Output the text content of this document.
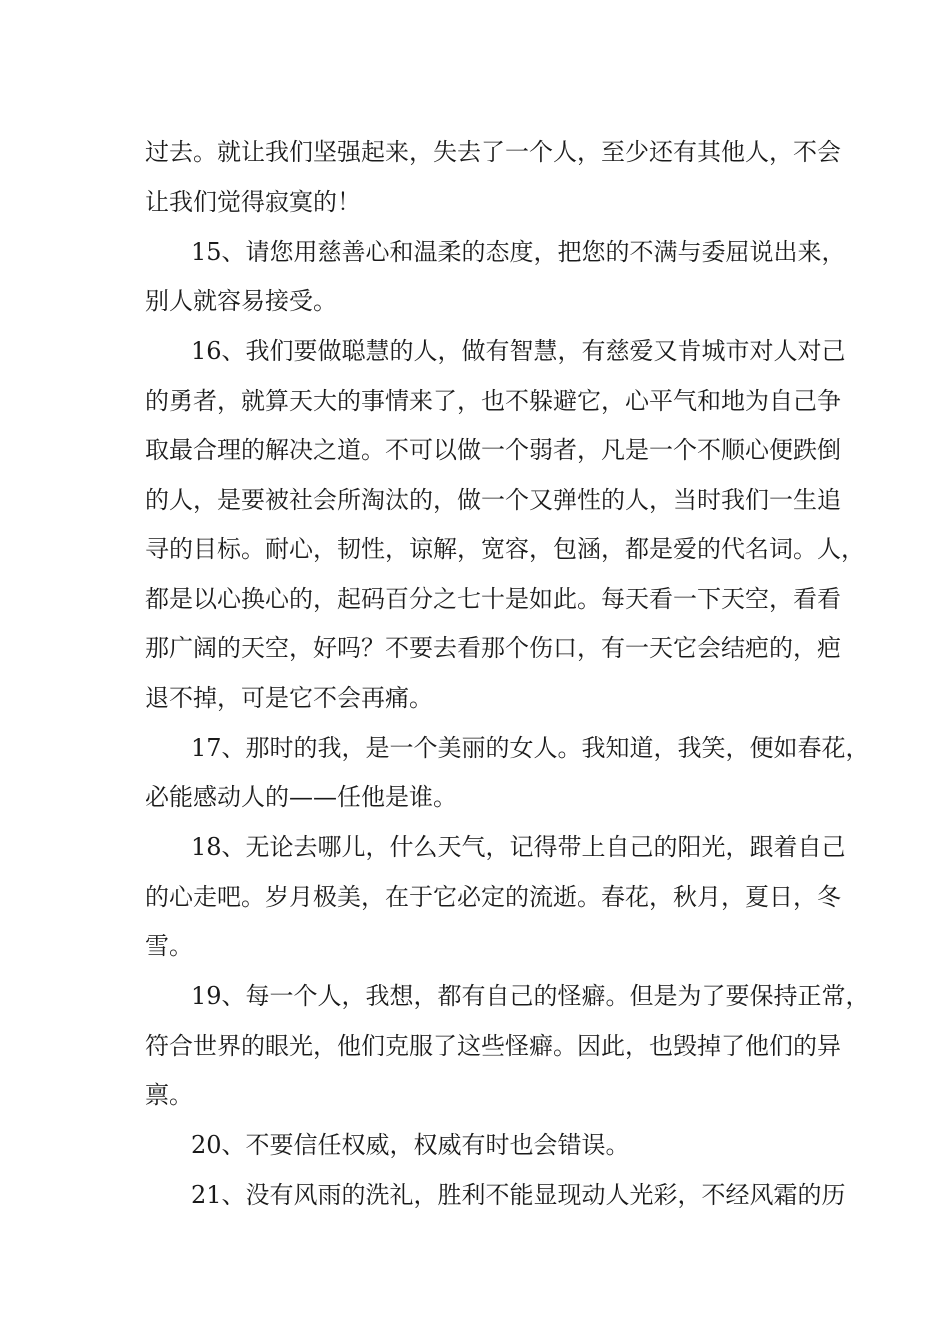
过去。就让我们坚强起来，失去了一个人，至少还有其他人，不会
让我们觉得寂寞的！
15、请您用慈善心和温柔的态度，把您的不满与委屈说出来，
别人就容易接受。
16、我们要做聪慧的人，做有智慧，有慈爱又肯城市对人对己
的勇者，就算天大的事情来了，也不躲避它，心平气和地为自己争
取最合理的解决之道。不可以做一个弱者，凡是一个不顺心便跌倒
的人，是要被社会所淘汰的，做一个又弹性的人，当时我们一生追
寻的目标。耐心，韧性，谅解，宽容，包涵，都是爱的代名词。人，
都是以心换心的，起码百分之七十是如此。每天看一下天空，看看
那广阔的天空，好吗？不要去看那个伤口，有一天它会结疤的，疤
退不掉，可是它不会再痛。
17、那时的我，是一个美丽的女人。我知道，我笑，便如春花，
必能感动人的——任他是谁。
18、无论去哪儿，什么天气，记得带上自己的阳光，跟着自己
的心走吧。岁月极美，在于它必定的流逝。春花，秋月，夏日，冬
雪。
19、每一个人，我想，都有自己的怪癖。但是为了要保持正常，
符合世界的眼光，他们克服了这些怪癖。因此，也毁掉了他们的异
禀。
20、不要信任权威，权威有时也会错误。
21、没有风雨的洗礼，胜利不能显现动人光彩，不经风霜的历
